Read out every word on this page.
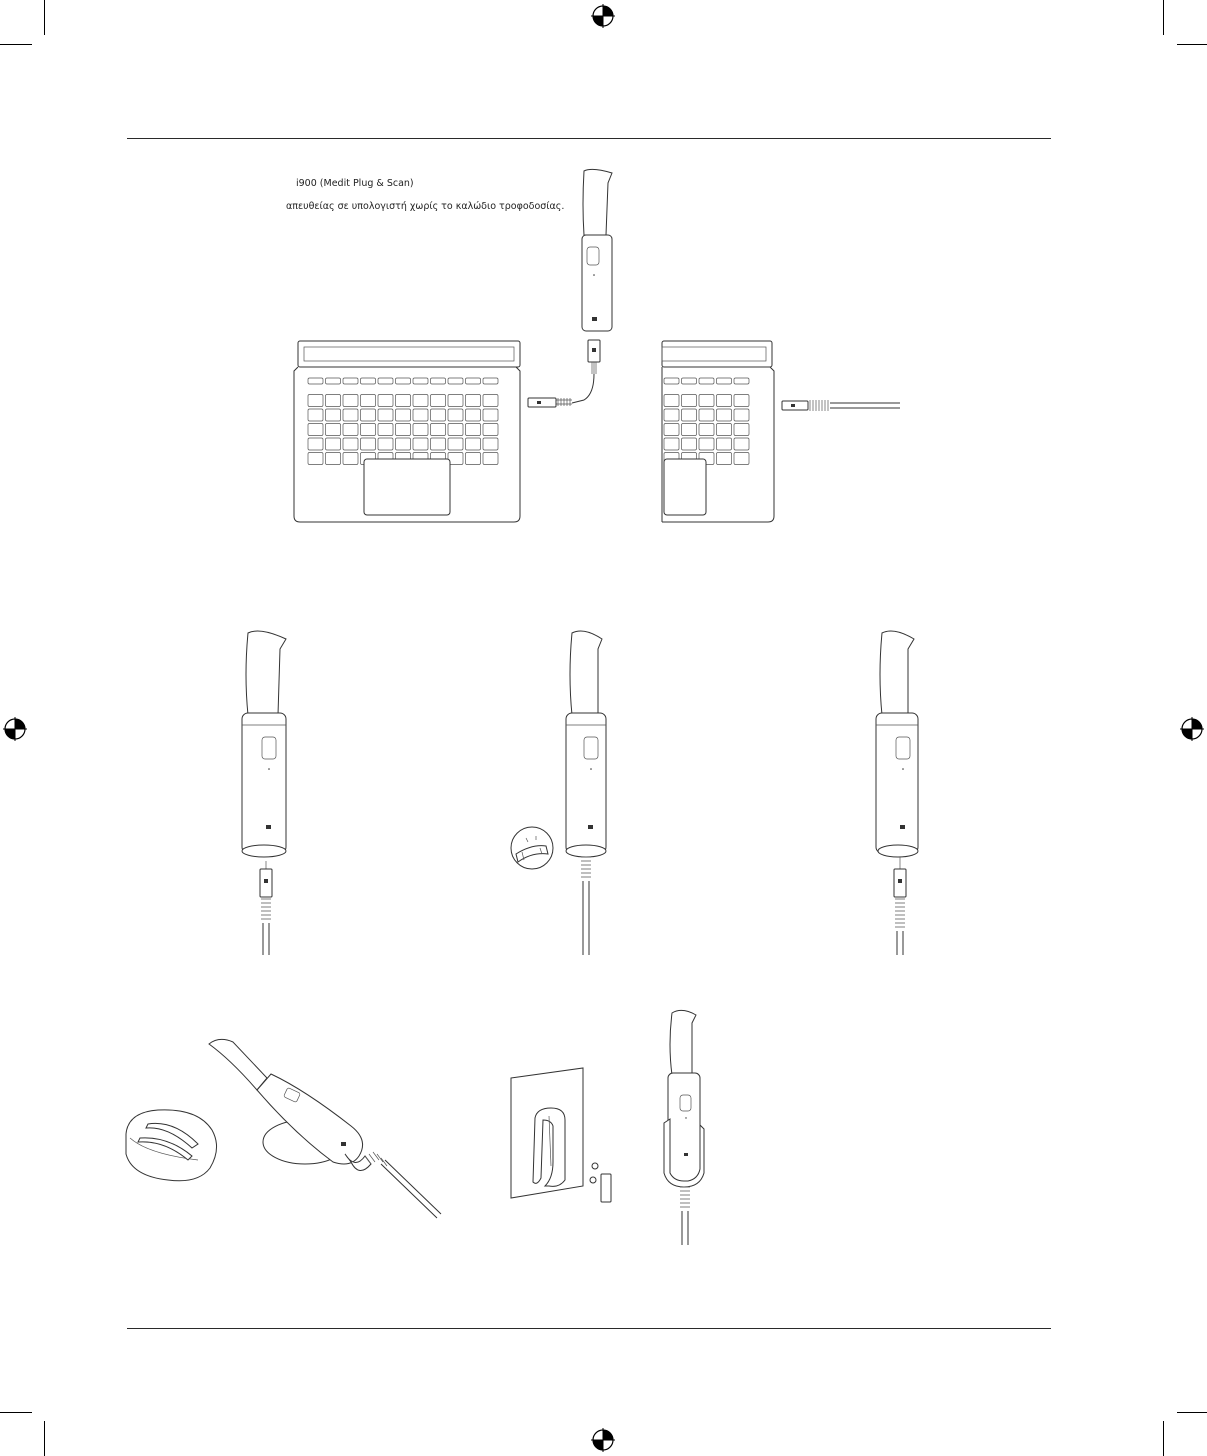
i900 (Medit Plug & Scan)
απευθείας σε υπολογιστή χωρίς το καλώδιο τροφοδοσίας.
